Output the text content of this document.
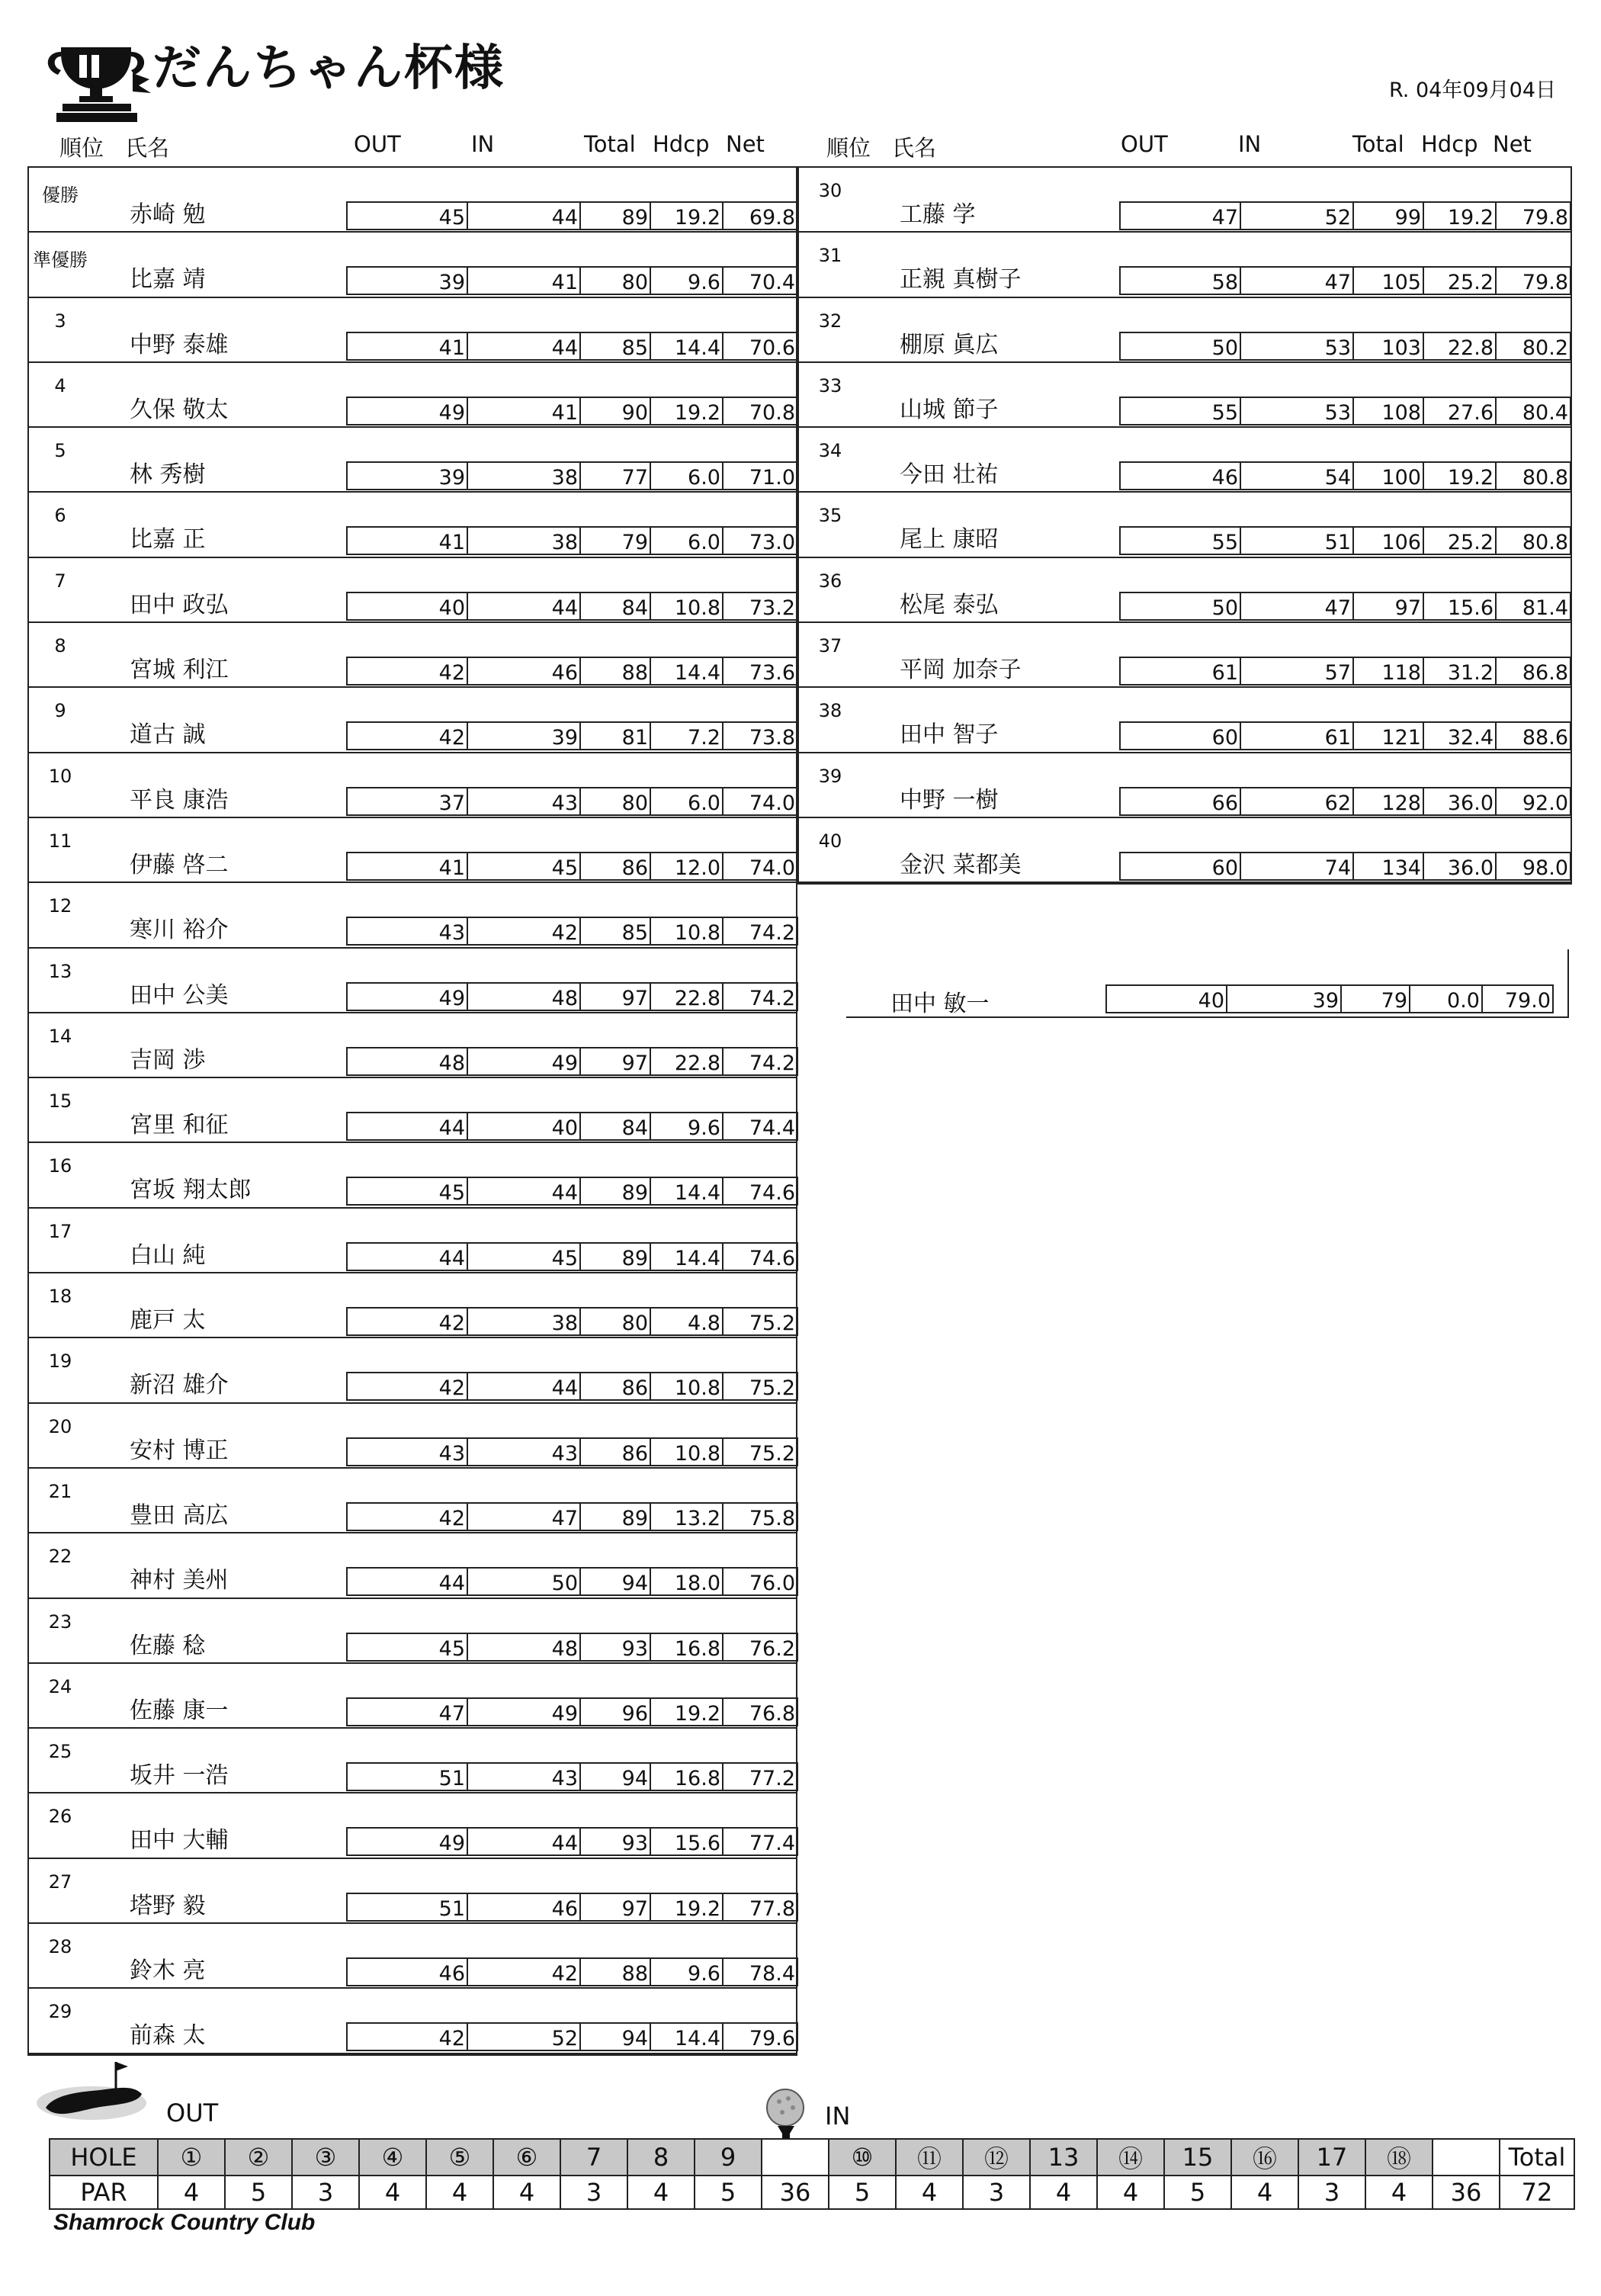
だんちゃん杯様	R. 04年09月04日
順位 氏名	OUT	IN	Total Hdcp Net	順位 氏名	OUT	IN	Total Hdcp Net
優勝
赤崎 勉	45	44	89	19.2	69.8
準優勝
比嘉 靖	39	41	80	9.6	70.4
3
中野 泰雄	41	44	85	14.4	70.6
4
久保 敬太	49	41	90	19.2	70.8
5
林 秀樹	39	38	77	6.0	71.0
6
比嘉 正	41	38	79	6.0	73.0
7
田中 政弘	40	44	84	10.8	73.2
8
宮城 利江	42	46	88	14.4	73.6
9
道古 誠	42	39	81	7.2	73.8
10
平良 康浩	37	43	80	6.0	74.0
11
伊藤 啓二	41	45	86	12.0	74.0
12
寒川 裕介	43	42	85	10.8	74.2
13
田中 公美	49	48	97	22.8	74.2
14
吉岡 渉	48	49	97	22.8	74.2
15
宮里 和征	44	40	84	9.6	74.4
16
宮坂 翔太郎	45	44	89	14.4	74.6
17
白山 純	44	45	89	14.4	74.6
18
鹿戸 太	42	38	80	4.8	75.2
19
新沼 雄介	42	44	86	10.8	75.2
20
安村 博正	43	43	86	10.8	75.2
21
豊田 高広	42	47	89	13.2	75.8
22
神村 美州	44	50	94	18.0	76.0
23
佐藤 稔	45	48	93	16.8	76.2
24
佐藤 康一	47	49	96	19.2	76.8
25
坂井 一浩	51	43	94	16.8	77.2
26
田中 大輔	49	44	93	15.6	77.4
27
塔野 毅	51	46	97	19.2	77.8
28
鈴木 亮	46	42	88	9.6	78.4
29
前森 太	42	52	94	14.4	79.6
30
工藤 学	47	52	99	19.2	79.8
31
正親 真樹子	58	47	105	25.2	79.8
32
棚原 眞広	50	53	103	22.8	80.2
33
山城 節子	55	53	108	27.6	80.4
34
今田 壮祐	46	54	100	19.2	80.8
35
尾上 康昭	55	51	106	25.2	80.8
36
松尾 泰弘	50	47	97	15.6	81.4
37
平岡 加奈子	61	57	118	31.2	86.8
38
田中 智子	60	61	121	32.4	88.6
39
中野 一樹	66	62	128	36.0	92.0
40
金沢 菜都美	60	74	134	36.0	98.0
田中 敏一	40	39	79	0.0	79.0
OUT	IN
HOLE	①	②	③	④	⑤	⑥	7	8	9		⑩	⑪	⑫	13	⑭	15	⑯	17	⑱		Total
PAR	4	5	3	4	4	4	3	4	5	36	5	4	3	4	4	5	4	3	4	36	72
Shamrock Country Club
